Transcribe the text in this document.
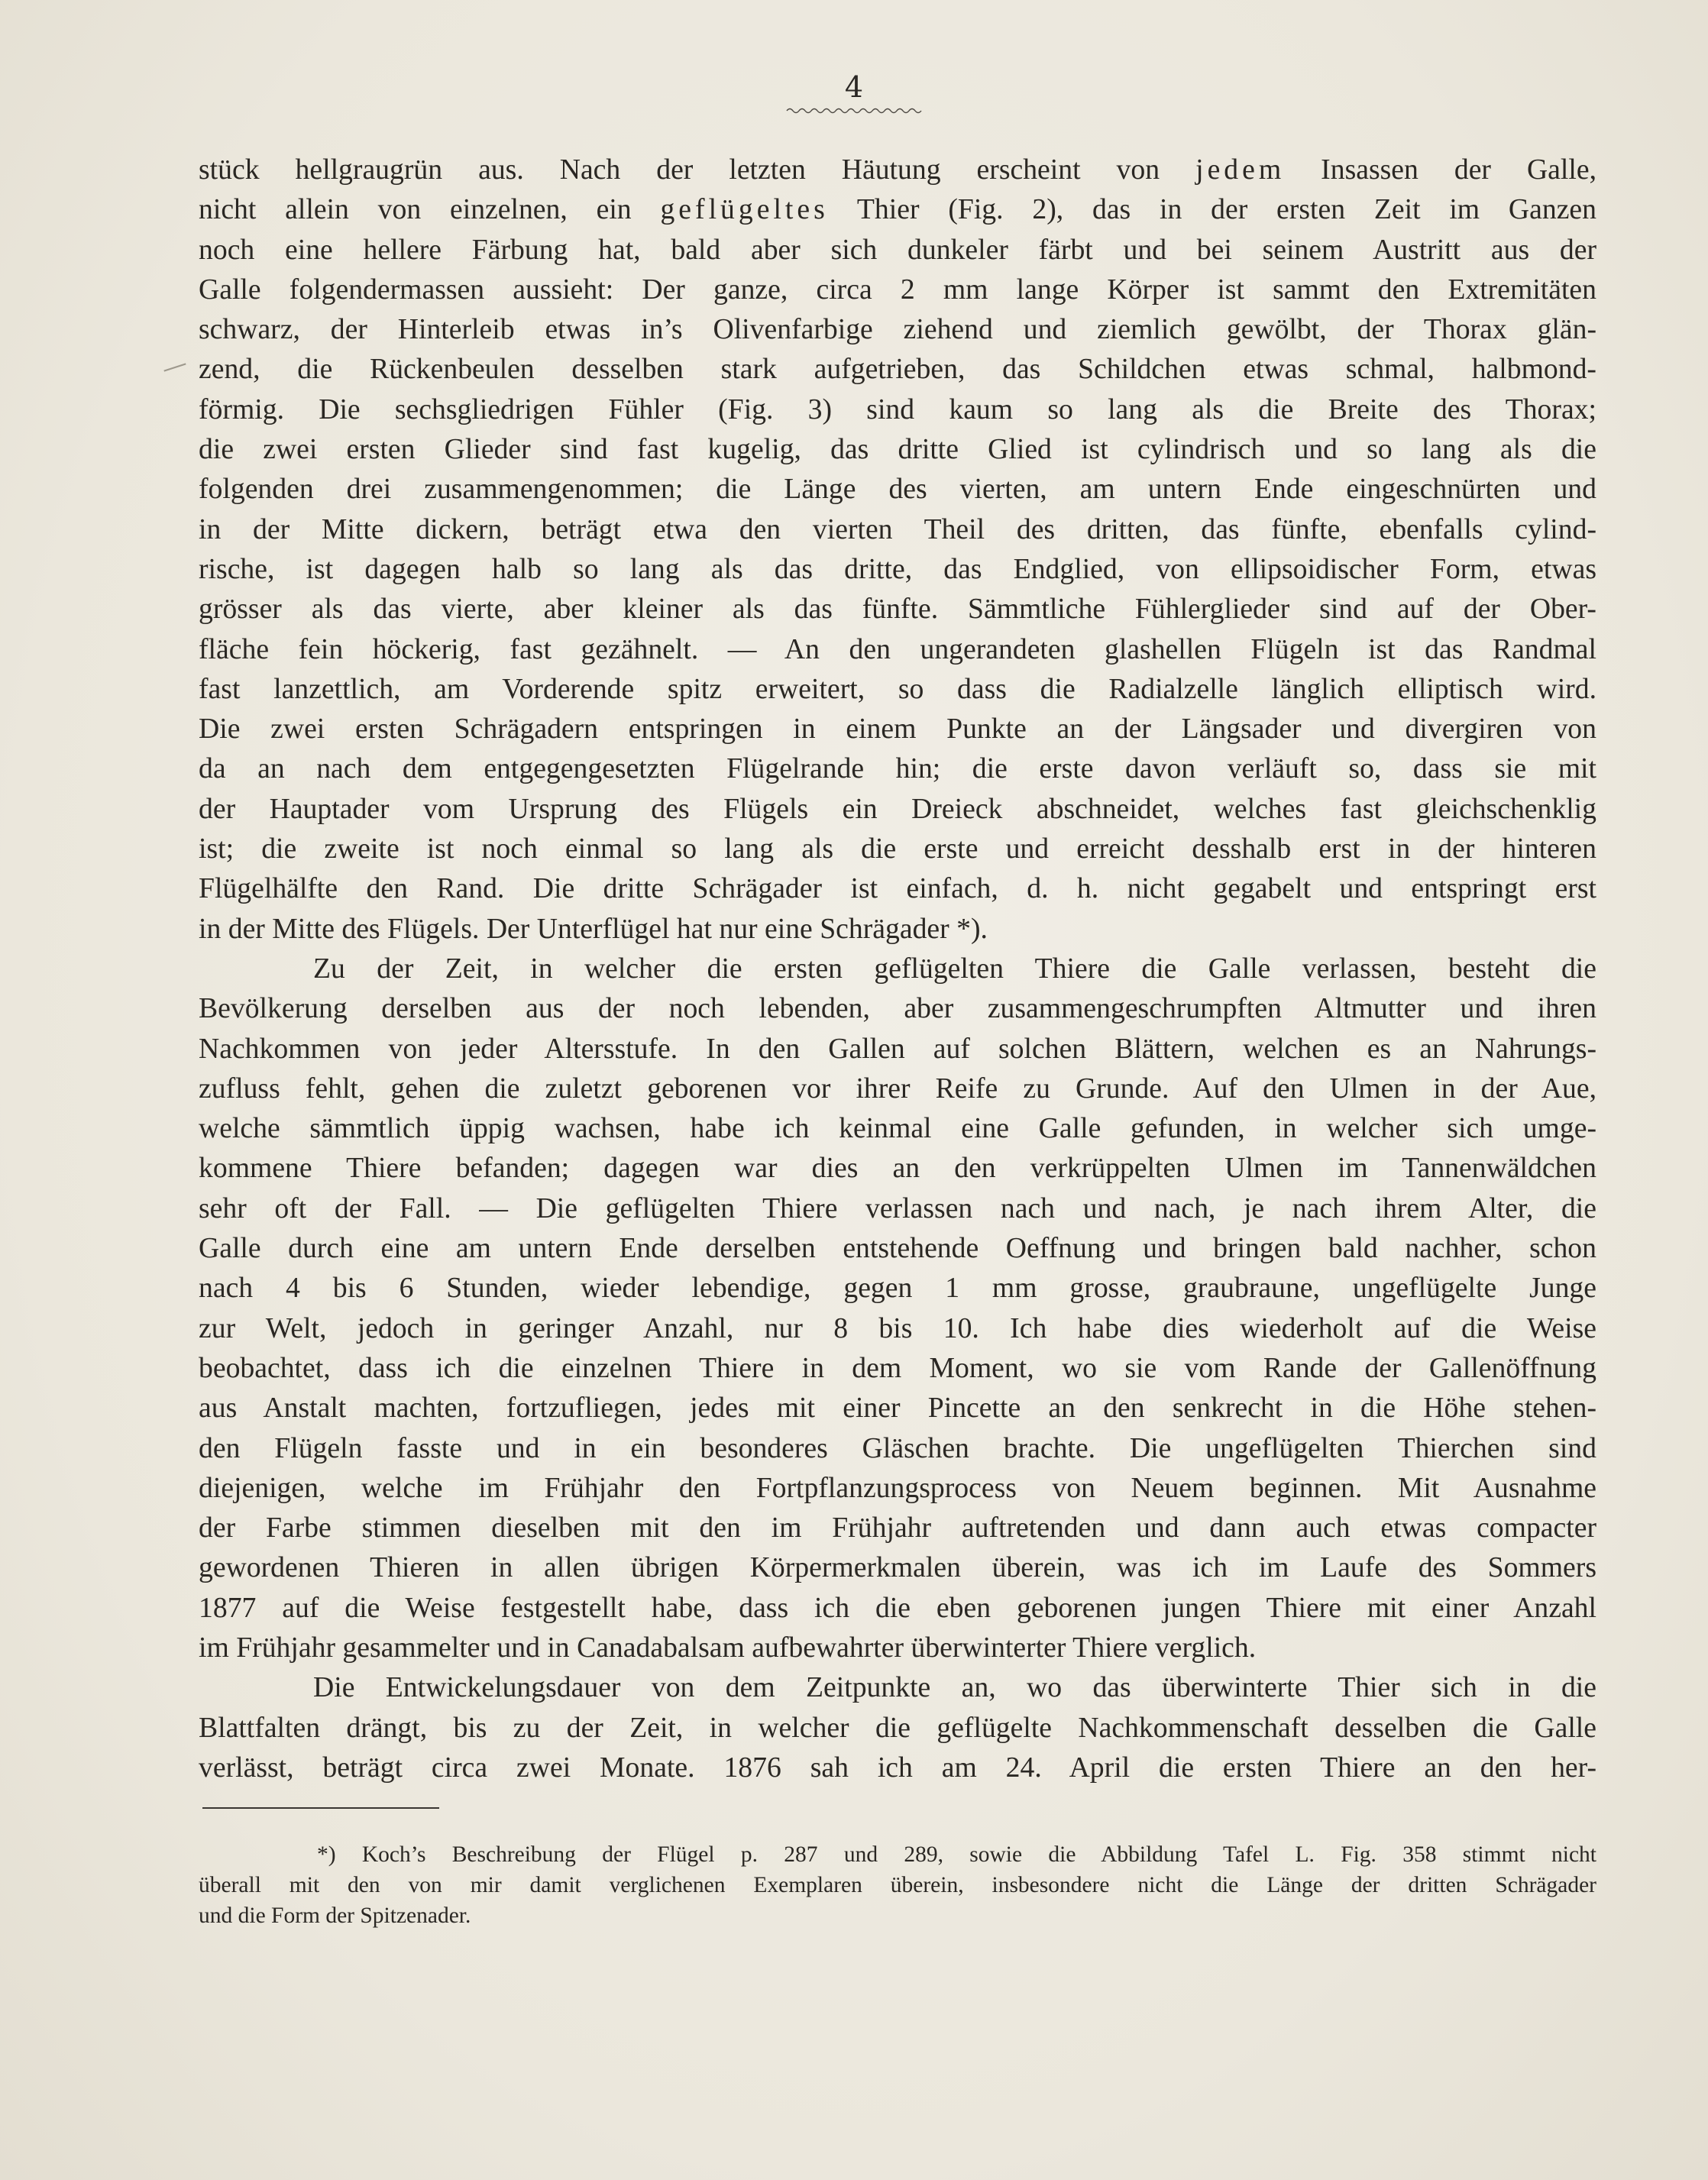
4
stück hellgraugrün aus. Nach der letzten Häutung erscheint von jedem Insassen der Galle,
nicht allein von einzelnen, ein geflügeltes Thier (Fig. 2), das in der ersten Zeit im Ganzen
noch eine hellere Färbung hat, bald aber sich dunkeler färbt und bei seinem Austritt aus der
Galle folgendermassen aussieht: Der ganze, circa 2 mm lange Körper ist sammt den Extremitäten
schwarz, der Hinterleib etwas in’s Olivenfarbige ziehend und ziemlich gewölbt, der Thorax glän-
zend, die Rückenbeulen desselben stark aufgetrieben, das Schildchen etwas schmal, halbmond-
förmig. Die sechsgliedrigen Fühler (Fig. 3) sind kaum so lang als die Breite des Thorax;
die zwei ersten Glieder sind fast kugelig, das dritte Glied ist cylindrisch und so lang als die
folgenden drei zusammengenommen; die Länge des vierten, am untern Ende eingeschnürten und
in der Mitte dickern, beträgt etwa den vierten Theil des dritten, das fünfte, ebenfalls cylind-
rische, ist dagegen halb so lang als das dritte, das Endglied, von ellipsoidischer Form, etwas
grösser als das vierte, aber kleiner als das fünfte. Sämmtliche Fühlerglieder sind auf der Ober-
fläche fein höckerig, fast gezähnelt. — An den ungerandeten glashellen Flügeln ist das Randmal
fast lanzettlich, am Vorderende spitz erweitert, so dass die Radialzelle länglich elliptisch wird.
Die zwei ersten Schrägadern entspringen in einem Punkte an der Längsader und divergiren von
da an nach dem entgegengesetzten Flügelrande hin; die erste davon verläuft so, dass sie mit
der Hauptader vom Ursprung des Flügels ein Dreieck abschneidet, welches fast gleichschenklig
ist; die zweite ist noch einmal so lang als die erste und erreicht desshalb erst in der hinteren
Flügelhälfte den Rand. Die dritte Schrägader ist einfach, d. h. nicht gegabelt und entspringt erst
in der Mitte des Flügels. Der Unterflügel hat nur eine Schrägader *).
Zu der Zeit, in welcher die ersten geflügelten Thiere die Galle verlassen, besteht die
Bevölkerung derselben aus der noch lebenden, aber zusammengeschrumpften Altmutter und ihren
Nachkommen von jeder Altersstufe. In den Gallen auf solchen Blättern, welchen es an Nahrungs-
zufluss fehlt, gehen die zuletzt geborenen vor ihrer Reife zu Grunde. Auf den Ulmen in der Aue,
welche sämmtlich üppig wachsen, habe ich keinmal eine Galle gefunden, in welcher sich umge-
kommene Thiere befanden; dagegen war dies an den verkrüppelten Ulmen im Tannenwäldchen
sehr oft der Fall. — Die geflügelten Thiere verlassen nach und nach, je nach ihrem Alter, die
Galle durch eine am untern Ende derselben entstehende Oeffnung und bringen bald nachher, schon
nach 4 bis 6 Stunden, wieder lebendige, gegen 1 mm grosse, graubraune, ungeflügelte Junge
zur Welt, jedoch in geringer Anzahl, nur 8 bis 10. Ich habe dies wiederholt auf die Weise
beobachtet, dass ich die einzelnen Thiere in dem Moment, wo sie vom Rande der Gallenöffnung
aus Anstalt machten, fortzufliegen, jedes mit einer Pincette an den senkrecht in die Höhe stehen-
den Flügeln fasste und in ein besonderes Gläschen brachte. Die ungeflügelten Thierchen sind
diejenigen, welche im Frühjahr den Fortpflanzungsprocess von Neuem beginnen. Mit Ausnahme
der Farbe stimmen dieselben mit den im Frühjahr auftretenden und dann auch etwas compacter
gewordenen Thieren in allen übrigen Körpermerkmalen überein, was ich im Laufe des Sommers
1877 auf die Weise festgestellt habe, dass ich die eben geborenen jungen Thiere mit einer Anzahl
im Frühjahr gesammelter und in Canadabalsam aufbewahrter überwinterter Thiere verglich.
Die Entwickelungsdauer von dem Zeitpunkte an, wo das überwinterte Thier sich in die
Blattfalten drängt, bis zu der Zeit, in welcher die geflügelte Nachkommenschaft desselben die Galle
verlässt, beträgt circa zwei Monate. 1876 sah ich am 24. April die ersten Thiere an den her-
*) Koch’s Beschreibung der Flügel p. 287 und 289, sowie die Abbildung Tafel L. Fig. 358 stimmt nicht
überall mit den von mir damit verglichenen Exemplaren überein, insbesondere nicht die Länge der dritten Schrägader
und die Form der Spitzenader.
